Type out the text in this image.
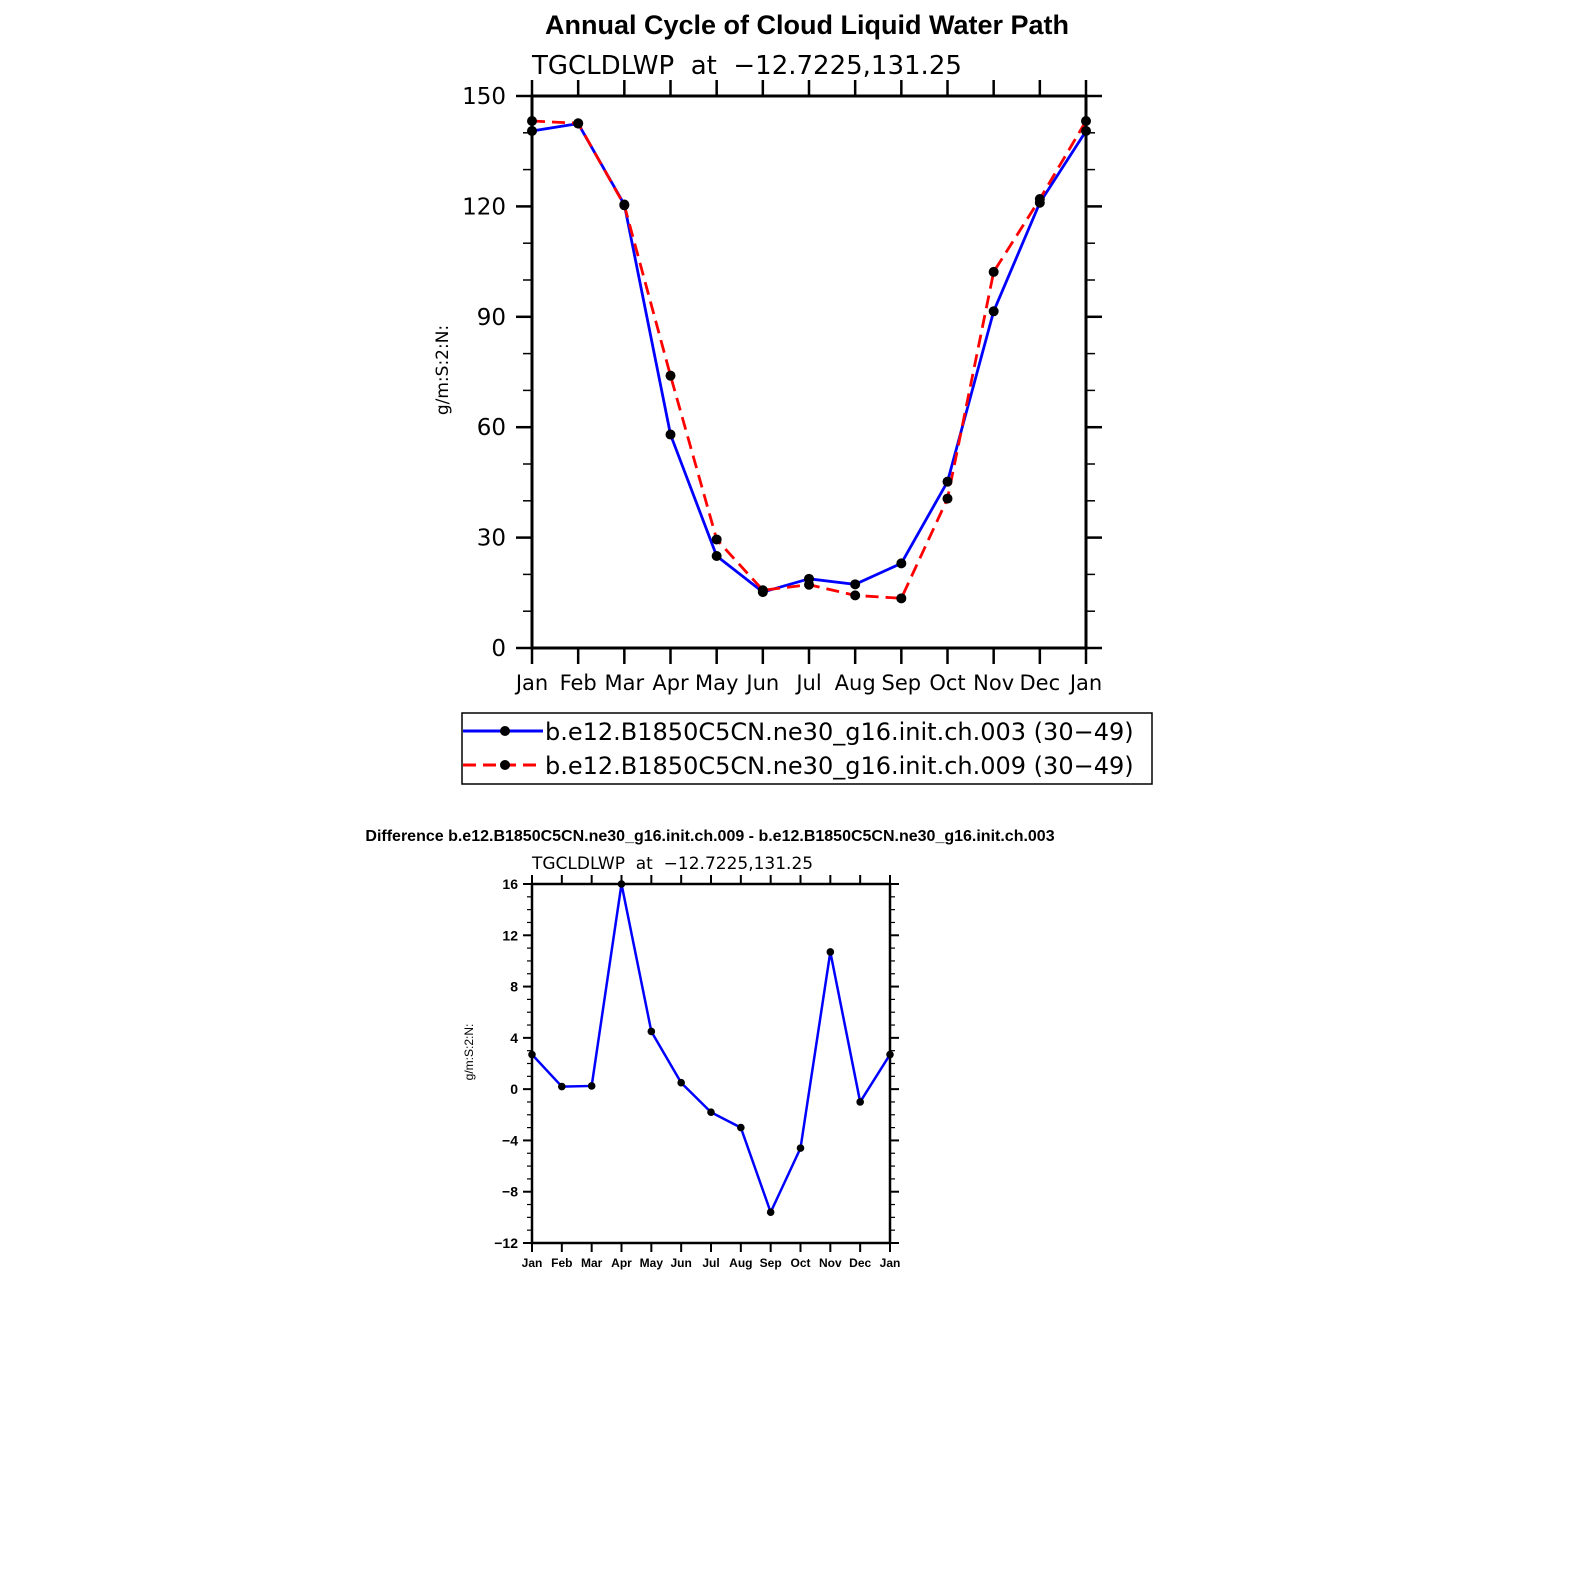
Annual Cycle of Cloud Liquid Water Path
TGCLDLWP  at  −12.7225,131.25
g/m:S:2:N:
Jan Feb Mar Apr May Jun Jul Aug Sep Oct Nov Dec Jan
0
30
60
90
120
150
b.e12.B1850C5CN.ne30_g16.init.ch.003 (30−49)
b.e12.B1850C5CN.ne30_g16.init.ch.009 (30−49)
Difference b.e12.B1850C5CN.ne30_g16.init.ch.009 - b.e12.B1850C5CN.ne30_g16.init.ch.003
TGCLDLWP  at  −12.7225,131.25
g/m:S:2:N:
Jan Feb Mar Apr May Jun Jul Aug Sep Oct Nov Dec Jan
−12
−8
−4
0
4
8
12
16
